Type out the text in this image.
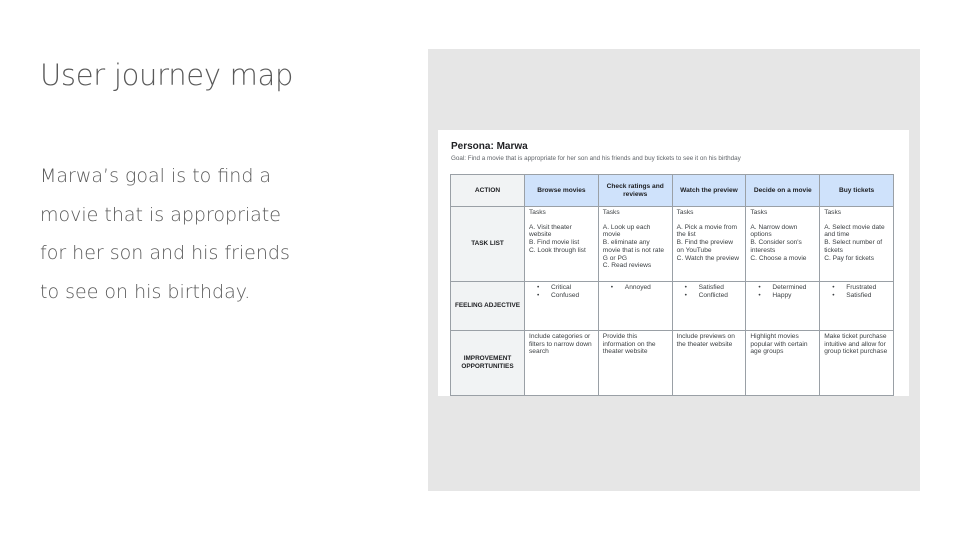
User journey map
Marwa’s goal is to find a movie that is appropriate for her son and his friends to see on his birthday.
Persona: Marwa
Goal: Find a movie that is appropriate for her son and his friends and buy tickets to see it on his birthday
ACTION	Browse movies	Check ratings and reviews	Watch the preview	Decide on a movie	Buy tickets
TASK LIST	Tasks
A. Visit theater website
B. Find movie list
C. Look through list	Tasks
A. Look up each movie
B. eliminate any movie that is not rate G or PG
C. Read reviews	Tasks
A. Pick a movie from the list
B. Find the preview on YouTube
C. Watch the preview	Tasks
A. Narrow down options
B. Consider son's interests
C. Choose a movie	Tasks
A. Select movie date and time
B. Select number of tickets
C. Pay for tickets

FEELING ADJECTIVE	• Critical
• Confused	• Annoyed	• Satisfied
• Conflicted	• Determined
• Happy	• Frustrated
• Satisfied

IMPROVEMENT OPPORTUNITIES	Include categories or filters to narrow down search	Provide this information on the theater website	Include previews on the theater website	Highlight movies popular with certain age groups	Make ticket purchase intuitive and allow for group ticket purchase
